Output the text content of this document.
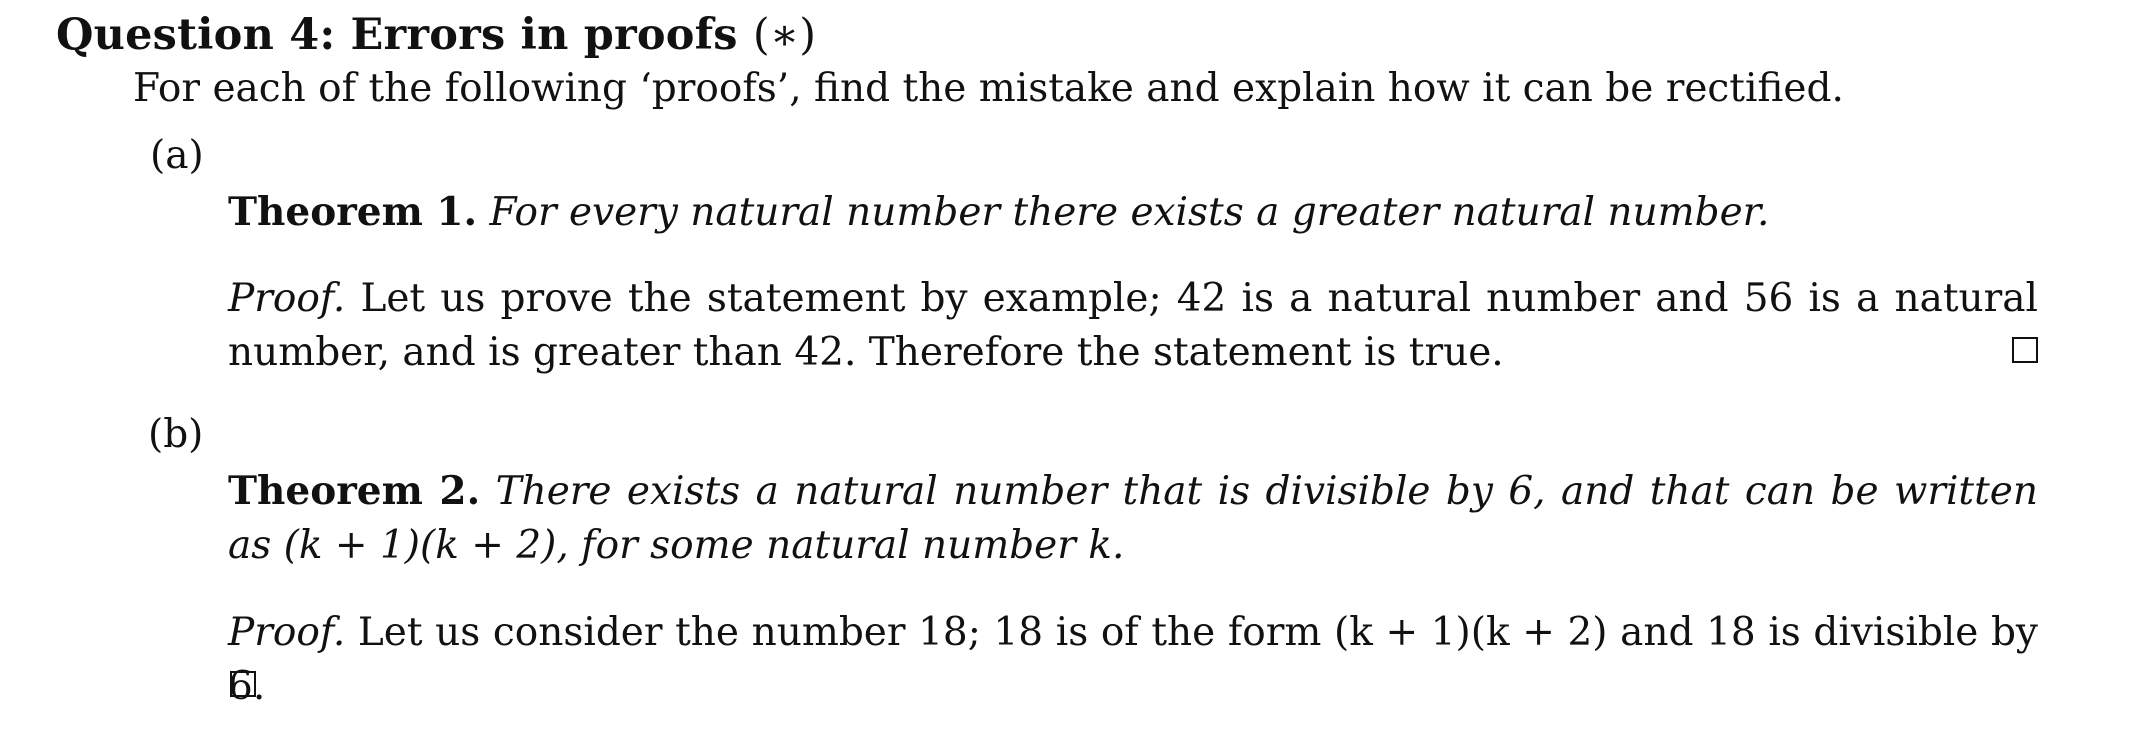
Question 4: Errors in proofs (∗)
For each of the following ‘proofs’, find the mistake and explain how it can be rectified.
(a)
Theorem 1. For every natural number there exists a greater natural number.
Proof. Let us prove the statement by example; 42 is a natural number and 56 is a natural number, and is greater than 42. Therefore the statement is true.
(b)
Theorem 2. There exists a natural number that is divisible by 6, and that can be written as (k + 1)(k + 2), for some natural number k.
Proof. Let us consider the number 18; 18 is of the form (k + 1)(k + 2) and 18 is divisible by 6.
